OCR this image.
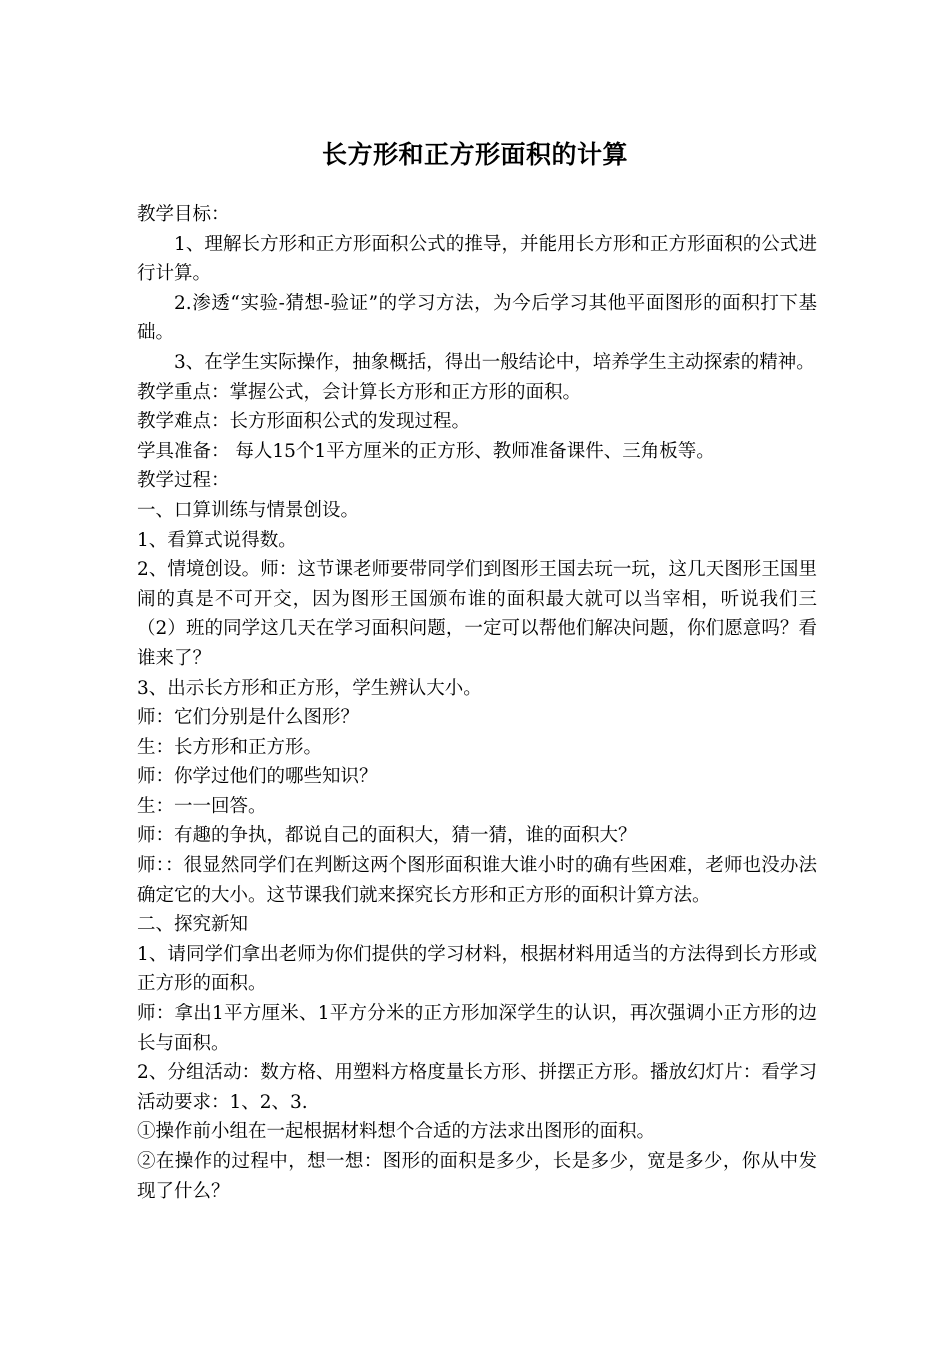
长方形和正方形面积的计算

教学目标：

1、理解长方形和正方形面积公式的推导，并能用长方形和正方形面积的公式进行计算。

2.渗透“实验-猜想-验证”的学习方法，为今后学习其他平面图形的面积打下基础。

3、在学生实际操作，抽象概括，得出一般结论中，培养学生主动探索的精神。

教学重点：掌握公式，会计算长方形和正方形的面积。

教学难点：长方形面积公式的发现过程。

学具准备： 每人15个1平方厘米的正方形、教师准备课件、三角板等。

教学过程：

一、口算训练与情景创设。

1、看算式说得数。

2、情境创设。师：这节课老师要带同学们到图形王国去玩一玩，这几天图形王国里闹的真是不可开交，因为图形王国颁布谁的面积最大就可以当宰相，听说我们三（2）班的同学这几天在学习面积问题，一定可以帮他们解决问题，你们愿意吗？看谁来了？

3、出示长方形和正方形，学生辨认大小。

师：它们分别是什么图形？

生：长方形和正方形。

师：你学过他们的哪些知识？

生：一一回答。

师：有趣的争执，都说自己的面积大，猜一猜，谁的面积大？

师：：很显然同学们在判断这两个图形面积谁大谁小时的确有些困难，老师也没办法确定它的大小。这节课我们就来探究长方形和正方形的面积计算方法。

二、探究新知

1、请同学们拿出老师为你们提供的学习材料，根据材料用适当的方法得到长方形或正方形的面积。

师：拿出1平方厘米、1平方分米的正方形加深学生的认识，再次强调小正方形的边长与面积。

2、分组活动：数方格、用塑料方格度量长方形、拼摆正方形。播放幻灯片：看学习活动要求：1、2、3.

①操作前小组在一起根据材料想个合适的方法求出图形的面积。

②在操作的过程中，想一想：图形的面积是多少，长是多少，宽是多少，你从中发现了什么？
